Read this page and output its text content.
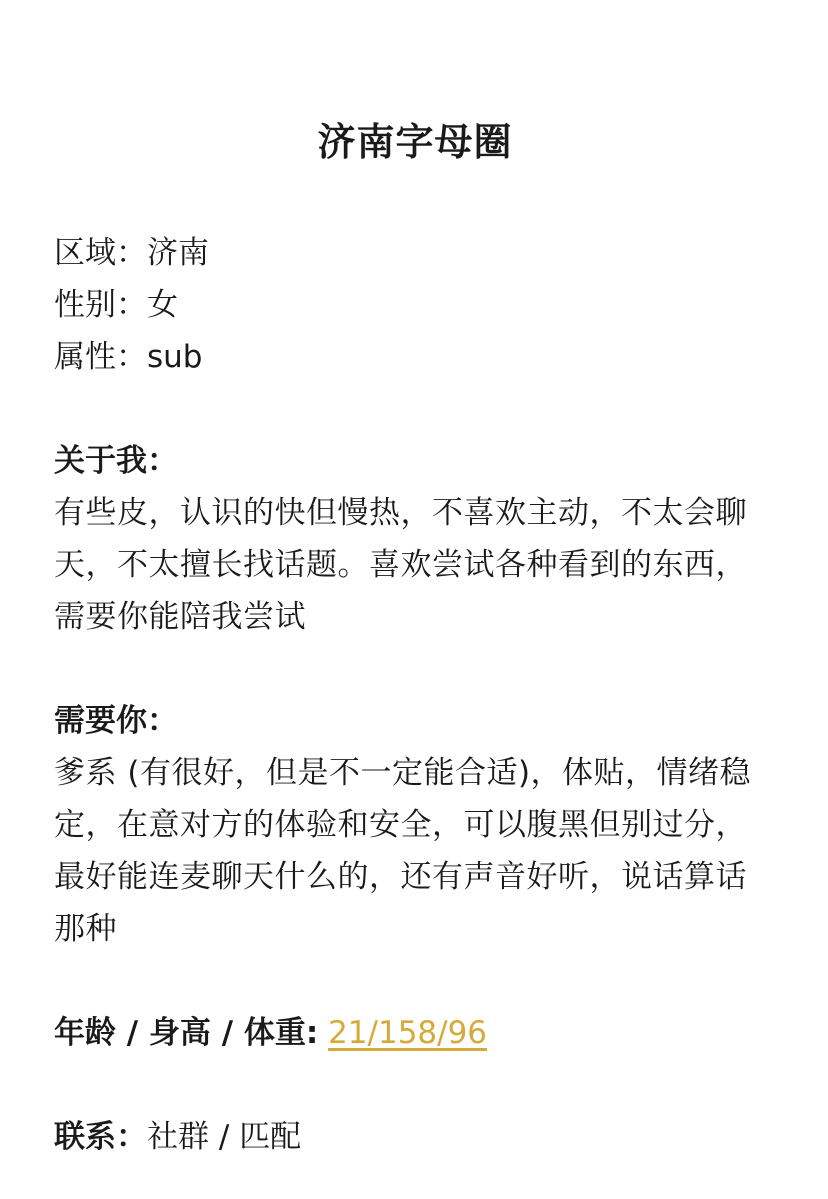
济南字母圈
区域：济南
性别：女
属性：sub
关于我：
有些皮，认识的快但慢热，不喜欢主动，不太会聊天，不太擅长找话题。喜欢尝试各种看到的东西，需要你能陪我尝试
需要你：
爹系 (有很好，但是不一定能合适)，体贴，情绪稳定，在意对方的体验和安全，可以腹黑但别过分，最好能连麦聊天什么的，还有声音好听，说话算话那种
年龄 / 身高 / 体重: 21/158/96
联系：社群 / 匹配
